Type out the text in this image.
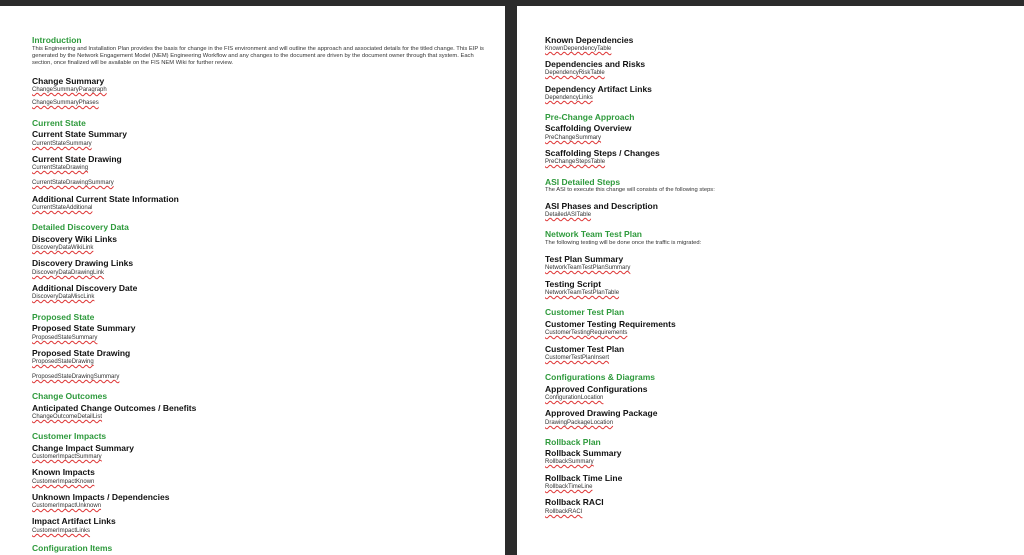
Introduction
This Engineering and Installation Plan provides the basis for change in the FIS environment and will outline the approach and associated details for the titled change. This EIP is generated by the Network Engagement Model (NEM) Engineering Workflow and any changes to the document are driven by the document owner through that system. Each section, once finalized will be available on the FIS NEM Wiki for further review.
Change Summary
ChangeSummaryParagraph
ChangeSummaryPhases
Current State
Current State Summary
CurrentStateSummary
Current State Drawing
CurrentStateDrawing
CurrentStateDrawingSummary
Additional Current State Information
CurrentStateAdditional
Detailed Discovery Data
Discovery Wiki Links
DiscoveryDataWikiLink
Discovery Drawing Links
DiscoveryDataDrawingLink
Additional Discovery Date
DiscoveryDataMiscLink
Proposed State
Proposed State Summary
ProposedStateSummary
Proposed State Drawing
ProposedStateDrawing
ProposedStateDrawingSummary
Change Outcomes
Anticipated Change Outcomes / Benefits
ChangeOutcomeDetailList
Customer Impacts
Change Impact Summary
CustomerImpactSummary
Known Impacts
CustomerImpactKnown
Unknown Impacts / Dependencies
CustomerImpactUnknown
Impact Artifact Links
CustomerImpactLinks
Configuration Items
Known Dependencies
KnownDependencyTable
Dependencies and Risks
DependencyRiskTable
Dependency Artifact Links
DependencyLinks
Pre-Change Approach
Scaffolding Overview
PreChangeSummary
Scaffolding Steps / Changes
PreChangeStepsTable
ASI Detailed Steps
The ASI to execute this change will consists of the following steps:
ASI Phases and Description
DetailedASITable
Network Team Test Plan
The following testing will be done once the traffic is migrated:
Test Plan Summary
NetworkTeamTestPlanSummary
Testing Script
NetworkTeamTestPlanTable
Customer Test Plan
Customer Testing Requirements
CustomerTestingRequirements
Customer Test Plan
CustomerTestPlanInsert
Configurations & Diagrams
Approved Configurations
ConfigurationLocation
Approved Drawing Package
DrawingPackageLocation
Rollback Plan
Rollback Summary
RollbackSummary
Rollback Time Line
RollbackTimeLine
Rollback RACI
RollbackRACI
